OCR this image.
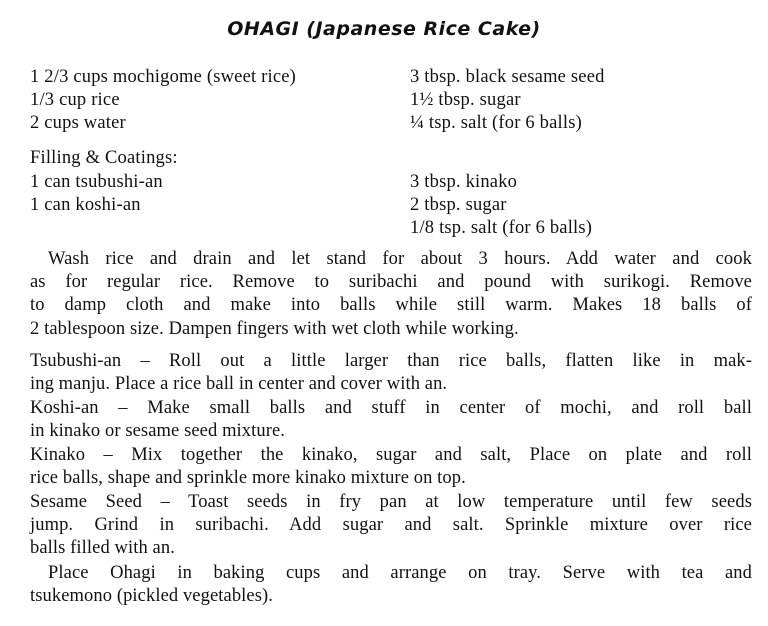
OHAGI (Japanese Rice Cake)
1 2/3 cups mochigome (sweet rice)
1/3 cup rice
2 cups water
3 tbsp. black sesame seed
1½ tbsp. sugar
¼ tsp. salt (for 6 balls)
Filling & Coatings:
1 can tsubushi-an
1 can koshi-an
3 tbsp. kinako
2 tbsp. sugar
1/8 tsp. salt (for 6 balls)
Wash rice and drain and let stand for about 3 hours. Add water and cook
as for regular rice. Remove to suribachi and pound with surikogi. Remove
to damp cloth and make into balls while still warm. Makes 18 balls of
2 tablespoon size. Dampen fingers with wet cloth while working.
Tsubushi-an – Roll out a little larger than rice balls, flatten like in mak-
ing manju. Place a rice ball in center and cover with an.
Koshi-an – Make small balls and stuff in center of mochi, and roll ball
in kinako or sesame seed mixture.
Kinako – Mix together the kinako, sugar and salt, Place on plate and roll
rice balls, shape and sprinkle more kinako mixture on top.
Sesame Seed – Toast seeds in fry pan at low temperature until few seeds
jump. Grind in suribachi. Add sugar and salt. Sprinkle mixture over rice
balls filled with an.
Place Ohagi in baking cups and arrange on tray. Serve with tea and
tsukemono (pickled vegetables).
